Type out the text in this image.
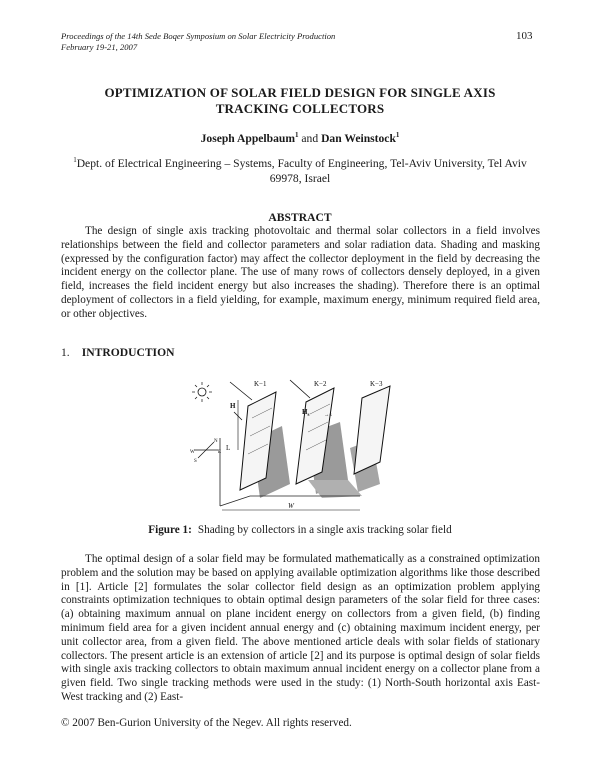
Proceedings of the 14th Sede Boqer Symposium on Solar Electricity Production
February 19-21, 2007
103
OPTIMIZATION OF SOLAR FIELD DESIGN FOR SINGLE AXIS
TRACKING COLLECTORS
Joseph Appelbaum$^1$ and Dan Weinstock$^1$
$^1$Dept. of Electrical Engineering – Systems, Faculty of Engineering, Tel-Aviv University, Tel Aviv
69978, Israel
ABSTRACT
The design of single axis tracking photovoltaic and thermal solar collectors in a field involves relationships between the field and collector parameters and solar radiation data. Shading and masking (expressed by the configuration factor) may affect the collector deployment in the field by decreasing the incident energy on the collector plane. The use of many rows of collectors densely deployed, in a given field, increases the field incident energy but also increases the shading). Therefore there is an optimal deployment of collectors in a field yielding, for example, maximum energy, minimum required field area, or other objectives.
1. INTRODUCTION
K−1	K−2	K−3
H
$H_s$
L
→s
W
N
S
E
W
Figure 1: Shading by collectors in a single axis tracking solar field
The optimal design of a solar field may be formulated mathematically as a constrained optimization problem and the solution may be based on applying available optimization algorithms like those described in [1]. Article [2] formulates the solar collector field design as an optimization problem applying constraints optimization techniques to obtain optimal design parameters of the solar field for three cases: (a) obtaining maximum annual on plane incident energy on collectors from a given field, (b) finding minimum field area for a given incident annual energy and (c) obtaining maximum incident energy, per unit collector area, from a given field. The above mentioned article deals with solar fields of stationary collectors. The present article is an extension of article [2] and its purpose is optimal design of solar fields with single axis tracking collectors to obtain maximum annual incident energy on a collector plane from a given field. Two single tracking methods were used in the study: (1) North-South horizontal axis East-West tracking and (2) East-
© 2007 Ben-Gurion University of the Negev. All rights reserved.
